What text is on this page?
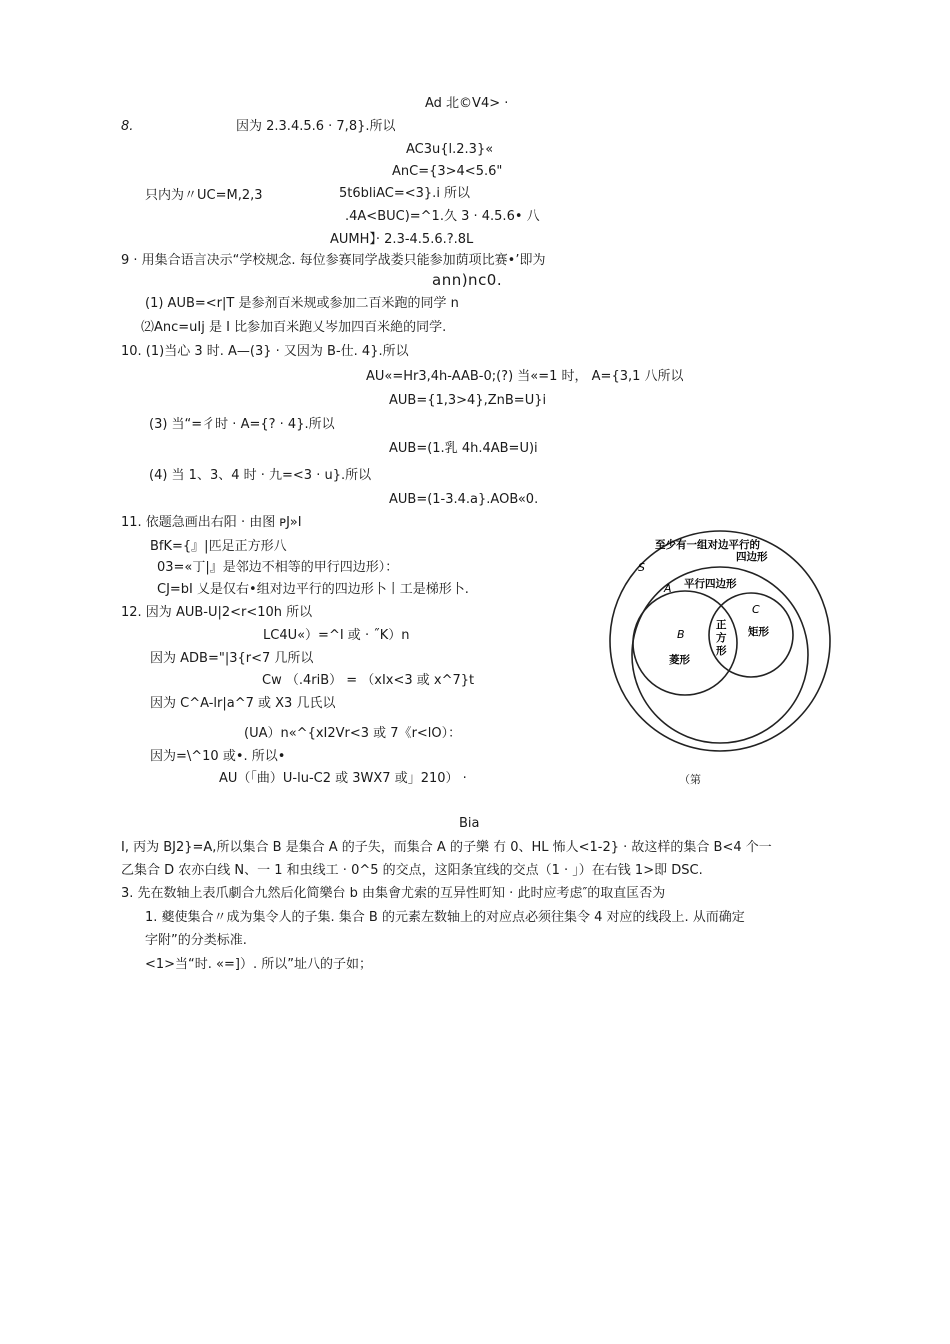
Ad 北©V4> ·
8.	因为 2.3.4.5.6 · 7,8}.所以
AC3u{l.2.3}«
AnC={3>4<5.6"
只内为〃UC=M,2,3	5t6bliAC=<3}.i 所以
.4A<BUC)=^1.久 3 · 4.5.6• 八
AUMH】· 2.3-4.5.6.?.8L
9 · 用集合语言决示“学校规念. 每位参赛同学战娄只能参加荫项比赛•’即为
ann)nc0.
(1) AUB=<r|T 是参剂百米规或参加二百米跑的同学 n
⑵Anc=uIj 是 I 比参加百米跑乂岑加四百米絶的同学.
10. (1)当心 3 时. A—(3} · 又因为 B-仕. 4}.所以
AU«=Hr3,4h-AAB-0;(?) 当«=1 时， A={3,1 八所以
AUB={1,3>4},ZnB=U}i
(3) 当“=彳时 · A={? · 4}.所以
AUB=(1.乳 4h.4AB=U)i
(4) 当 1、3、4 时 · 九=<3 · u}.所以
AUB=(1-3.4.a}.AOB«0.
11. 依题急画出右阳 · 由图 ᴩJ»I
BfK={』|匹足正方形八
03=«丁|』是邻边不相等的甲行四边形）：
CJ=bI 乂是仅右•组对边平行的四边形卜丨工是梯形卜.
12. 因为 AUB-U|2<r<10h 所以
LC4U«）=^I 或 · ˝K）n
因为 ADB="|3{r<7 几所以
Cw （.4riB） = （xIx<3 或 x^7}t
因为 C^A-lr|a^7 或 X3 几氏以
(UA）n«^{xI2Vr<3 或 7《r<lO）：
因为=\^10 或•. 所以•
AU（「曲）U-lu-C2 或 3WX7 或」210） ·	（第
Bia
I, 丙为 BJ2}=A,所以集合 B 是集合 A 的子失，而集合 A 的子樂 冇 0、HL 怖人<1-2} · 故这样的集合 B<4 个一
乙集合 D 农亦白线 N、一 1 和虫线工 · 0^5 的交点，这阳条宜线的交点（1 · 」）在右钱 1>即 DSC.
3. 先在数轴上表爪劇合九然后化简樂台 b 由集會尤索的互异性町知 · 此时应考虑″的取直匡否为
1. 夔使集合〃成为集令人的子集. 集合 B 的元素左数轴上的对应点必须往集令 4 对应的线段上. 从而确定
字附”的分类标准.
<1>当“时. «=]）. 所以”址八的子如；
至少有一组对边平行的
四边形
S
A 平行四边形
B
菱形
C
矩形
正
方
形
